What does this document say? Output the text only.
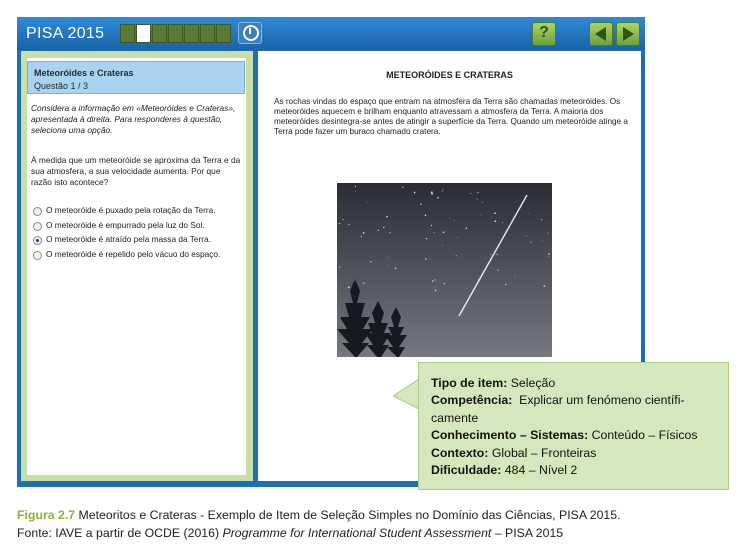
PISA 2015	?
Meteoróides e Crateras
Questão 1 / 3
Considera a informação em «Meteoróides e Crateras», apresentada à direita. Para responderes à questão, seleciona uma opção.
À medida que um meteoróide se aproxima da Terra e da sua atmosfera, a sua velocidade aumenta. Por que razão isto acontece?
O meteoróide é puxado pela rotação da Terra.
O meteoróide é empurrado pela luz do Sol.
O meteoróide é atraído pela massa da Terra.
O meteoróide é repelido pelo vácuo do espaço.
METEORÓIDES E CRATERAS
As rochas vindas do espaço que entram na atmosfera da Terra são chamadas meteoróides. Os meteoróides aquecem e brilham enquanto atravessam a atmosfera da Terra. A maioria dos meteoróides desintegra-se antes de atingir a superfície da Terra. Quando um meteoróide atinge a Terra pode fazer um buraco chamado cratera.
Tipo de item: Seleção
Competência: Explicar um fenómeno científi-
camente
Conhecimento – Sistemas: Conteúdo – Físicos
Contexto: Global – Fronteiras
Dificuldade: 484 – Nível 2
Figura 2.7 Meteoritos e Crateras - Exemplo de Item de Seleção Simples no Domínio das Ciências, PISA 2015.
Fonte: IAVE a partir de OCDE (2016) Programme for International Student Assessment – PISA 2015
